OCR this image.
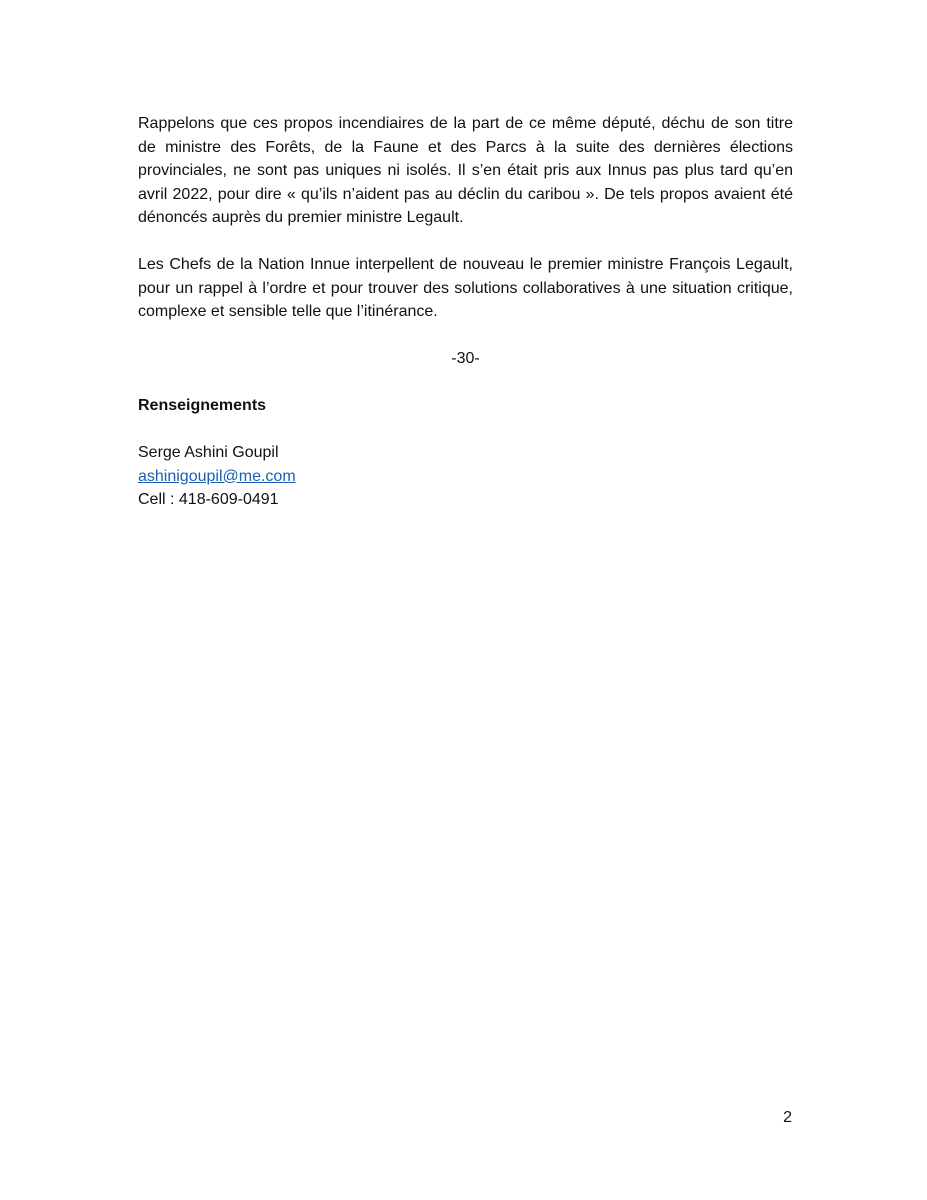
Rappelons que ces propos incendiaires de la part de ce même député, déchu de son titre de ministre des Forêts, de la Faune et des Parcs à la suite des dernières élections provinciales, ne sont pas uniques ni isolés. Il s’en était pris aux Innus pas plus tard qu’en avril 2022, pour dire « qu’ils n’aident pas au déclin du caribou ». De tels propos avaient été dénoncés auprès du premier ministre Legault.

Les Chefs de la Nation Innue interpellent de nouveau le premier ministre François Legault, pour un rappel à l’ordre et pour trouver des solutions collaboratives à une situation critique, complexe et sensible telle que l’itinérance.

-30-

Renseignements

Serge Ashini Goupil

ashinigoupil@me.com

Cell : 418-609-0491

2
